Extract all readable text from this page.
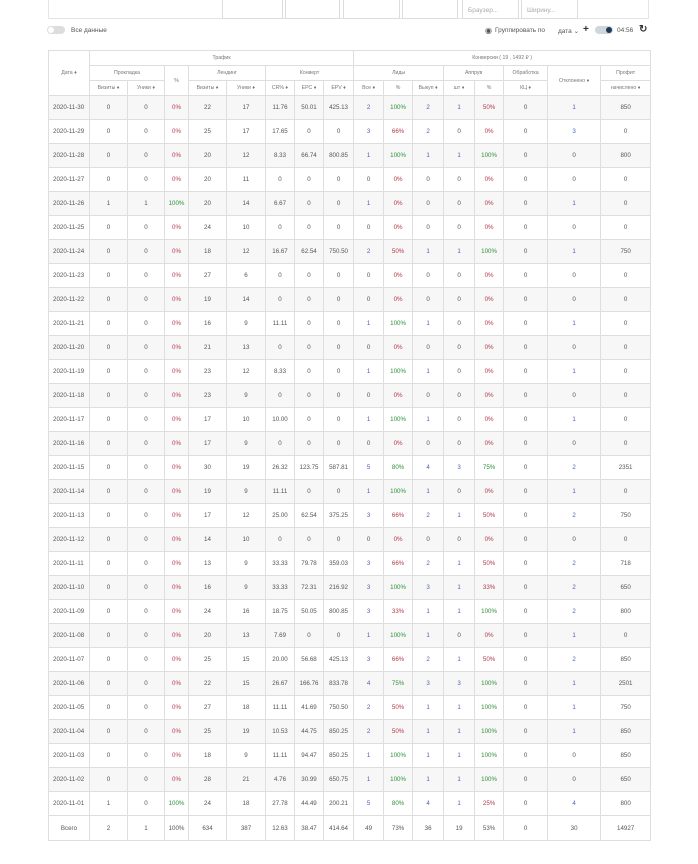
Браузер...	Ширину...
Все данные	◉ Группировать по дата ⌄ +	04:56 ↻
Дата ♦	Трафик								Конверсии ( 19 , 1492 ₽ )							
	Прокладка		%	Лендинг		Конверт			Лиды			Аппрув		Обработка	Отклонено ♦	Профит
	Визиты ♦	Уники ♦		Визиты ♦	Уники ♦	CR% ♦	EPC ♦	EPV ♦	Все ♦	%	Выкуп ♦	шт ♦	%	КЦ ♦		начислено ♦
2020-11-30	0	0	0%	22	17	11.76	50.01	425.13	2	100%	2	1	50%	0	1	850
2020-11-29	0	0	0%	25	17	17.65	0	0	3	66%	2	0	0%	0	3	0
2020-11-28	0	0	0%	20	12	8.33	66.74	800.85	1	100%	1	1	100%	0	0	800
2020-11-27	0	0	0%	20	11	0	0	0	0	0%	0	0	0%	0	0	0
2020-11-26	1	1	100%	20	14	6.67	0	0	1	0%	0	0	0%	0	1	0
2020-11-25	0	0	0%	24	10	0	0	0	0	0%	0	0	0%	0	0	0
2020-11-24	0	0	0%	18	12	16.67	62.54	750.50	2	50%	1	1	100%	0	1	750
2020-11-23	0	0	0%	27	6	0	0	0	0	0%	0	0	0%	0	0	0
2020-11-22	0	0	0%	19	14	0	0	0	0	0%	0	0	0%	0	0	0
2020-11-21	0	0	0%	16	9	11.11	0	0	1	100%	1	0	0%	0	1	0
2020-11-20	0	0	0%	21	13	0	0	0	0	0%	0	0	0%	0	0	0
2020-11-19	0	0	0%	23	12	8.33	0	0	1	100%	1	0	0%	0	1	0
2020-11-18	0	0	0%	23	9	0	0	0	0	0%	0	0	0%	0	0	0
2020-11-17	0	0	0%	17	10	10.00	0	0	1	100%	1	0	0%	0	1	0
2020-11-16	0	0	0%	17	9	0	0	0	0	0%	0	0	0%	0	0	0
2020-11-15	0	0	0%	30	19	26.32	123.75	587.81	5	80%	4	3	75%	0	2	2351
2020-11-14	0	0	0%	19	9	11.11	0	0	1	100%	1	0	0%	0	1	0
2020-11-13	0	0	0%	17	12	25.00	62.54	375.25	3	66%	2	1	50%	0	2	750
2020-11-12	0	0	0%	14	10	0	0	0	0	0%	0	0	0%	0	0	0
2020-11-11	0	0	0%	13	9	33.33	79.78	359.03	3	66%	2	1	50%	0	2	718
2020-11-10	0	0	0%	16	9	33.33	72.31	216.92	3	100%	3	1	33%	0	2	650
2020-11-09	0	0	0%	24	16	18.75	50.05	800.85	3	33%	1	1	100%	0	2	800
2020-11-08	0	0	0%	20	13	7.69	0	0	1	100%	1	0	0%	0	1	0
2020-11-07	0	0	0%	25	15	20.00	56.68	425.13	3	66%	2	1	50%	0	2	850
2020-11-06	0	0	0%	22	15	26.67	166.76	833.78	4	75%	3	3	100%	0	1	2501
2020-11-05	0	0	0%	27	18	11.11	41.69	750.50	2	50%	1	1	100%	0	1	750
2020-11-04	0	0	0%	25	19	10.53	44.75	850.25	2	50%	1	1	100%	0	1	850
2020-11-03	0	0	0%	18	9	11.11	94.47	850.25	1	100%	1	1	100%	0	0	850
2020-11-02	0	0	0%	28	21	4.76	30.99	650.75	1	100%	1	1	100%	0	0	650
2020-11-01	1	0	100%	24	18	27.78	44.49	200.21	5	80%	4	1	25%	0	4	800
Всего	2	1	100%	634	387	12.63	38.47	414.64	49	73%	36	19	53%	0	30	14927
